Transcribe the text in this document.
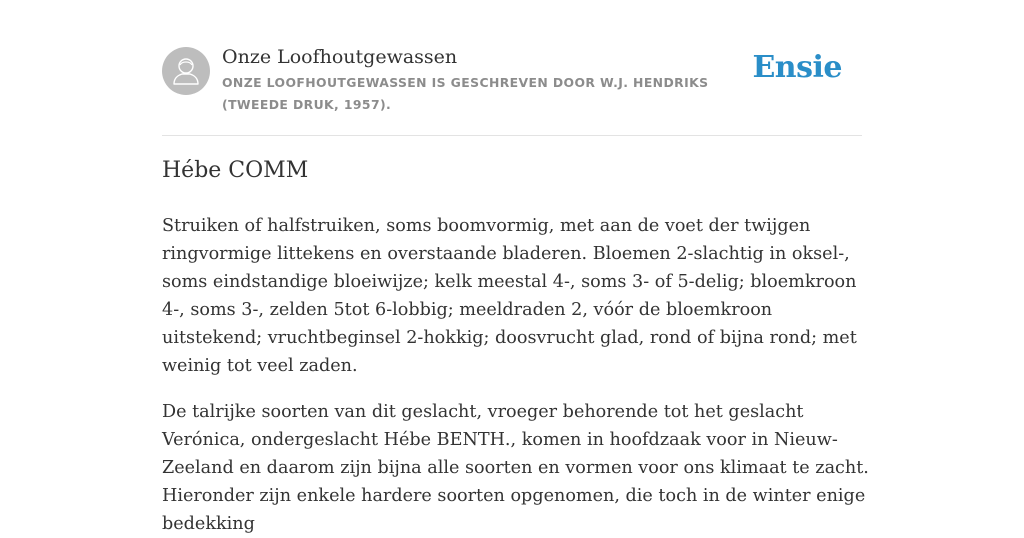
Onze Loofhoutgewassen
ONZE LOOFHOUTGEWASSEN IS GESCHREVEN DOOR W.J. HENDRIKS (TWEEDE DRUK, 1957).
Ensie
Hébe COMM

Struiken of halfstruiken, soms boomvormig, met aan de voet der twijgen ringvormige littekens en overstaande bladeren. Bloemen 2-slachtig in oksel-, soms eindstandige bloeiwijze; kelk meestal 4-, soms 3- of 5-delig; bloemkroon 4-, soms 3-, zelden 5tot 6-lobbig; meeldraden 2, vóór de bloemkroon uitstekend; vruchtbeginsel 2-hokkig; doosvrucht glad, rond of bijna rond; met weinig tot veel zaden.

De talrijke soorten van dit geslacht, vroeger behorende tot het geslacht Verónica, ondergeslacht Hébe BENTH., komen in hoofdzaak voor in Nieuw-Zeeland en daarom zijn bijna alle soorten en vormen voor ons klimaat te zacht. Hieronder zijn enkele hardere soorten opgenomen, die toch in de winter enige bedekking
